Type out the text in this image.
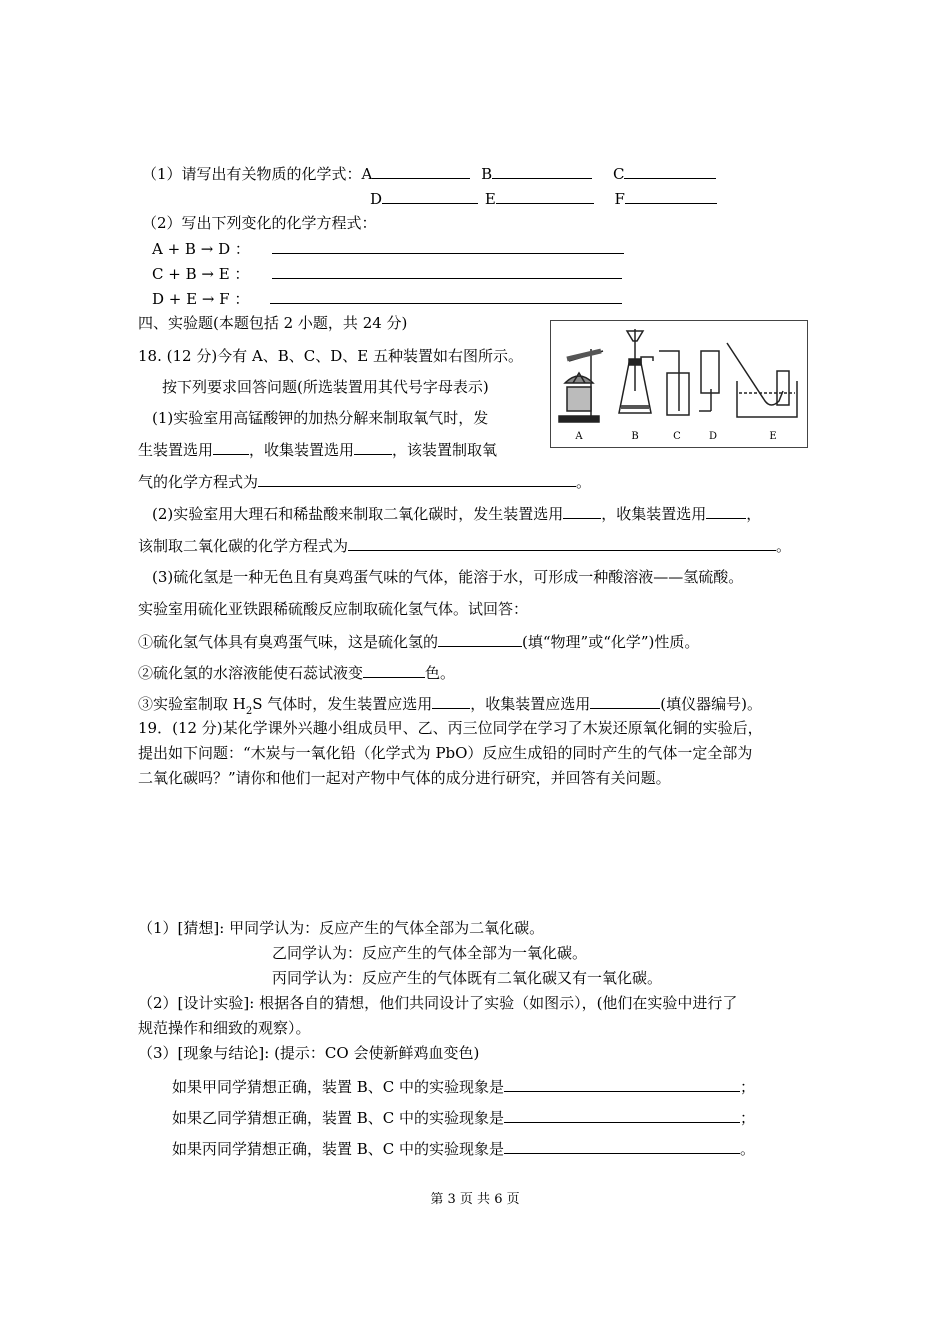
（1）请写出有关物质的化学式：A	B	C
D	E	F
（2）写出下列变化的化学方程式：
A + B → D ：
C + B → E ：
D + E → F ：
四、实验题(本题包括 2 小题，共 24 分)
18. (12 分)今有 A、B、C、D、E 五种装置如右图所示。
按下列要求回答问题(所选装置用其代号字母表示)
(1)实验室用高锰酸钾的加热分解来制取氧气时，发
生装置选用 ，收集装置选用	，该装置制取氧
气的化学方程式为	。
(2)实验室用大理石和稀盐酸来制取二氧化碳时，发生装置选用	，收集装置选用	，
该制取二氧化碳的化学方程式为	。
(3)硫化氢是一种无色且有臭鸡蛋气味的气体，能溶于水，可形成一种酸溶液——氢硫酸。
实验室用硫化亚铁跟稀硫酸反应制取硫化氢气体。试回答：
①硫化氢气体具有臭鸡蛋气味，这是硫化氢的	(填“物理”或“化学”)性质。
②硫化氢的水溶液能使石蕊试液变	色。
③实验室制取 $H_2S$ 气体时，发生装置应选用	，收集装置应选用	(填仪器编号)。
A	B	C	D	E
19．(12 分)某化学课外兴趣小组成员甲、乙、丙三位同学在学习了木炭还原氧化铜的实验后，
提出如下问题：“木炭与一氧化铅（化学式为 PbO）反应生成铅的同时产生的气体一定全部为
二氧化碳吗？”请你和他们一起对产物中气体的成分进行研究，并回答有关问题。
（1）[猜想]: 甲同学认为：反应产生的气体全部为二氧化碳。
乙同学认为：反应产生的气体全部为一氧化碳。
丙同学认为：反应产生的气体既有二氧化碳又有一氧化碳。
（2）[设计实验]: 根据各自的猜想，他们共同设计了实验（如图示），(他们在实验中进行了
规范操作和细致的观察）。
（3）[现象与结论]: (提示：CO 会使新鲜鸡血变色)
如果甲同学猜想正确，装置 B、C 中的实验现象是	；
如果乙同学猜想正确，装置 B、C 中的实验现象是	；
如果丙同学猜想正确，装置 B、C 中的实验现象是	。
第 3 页 共 6 页
